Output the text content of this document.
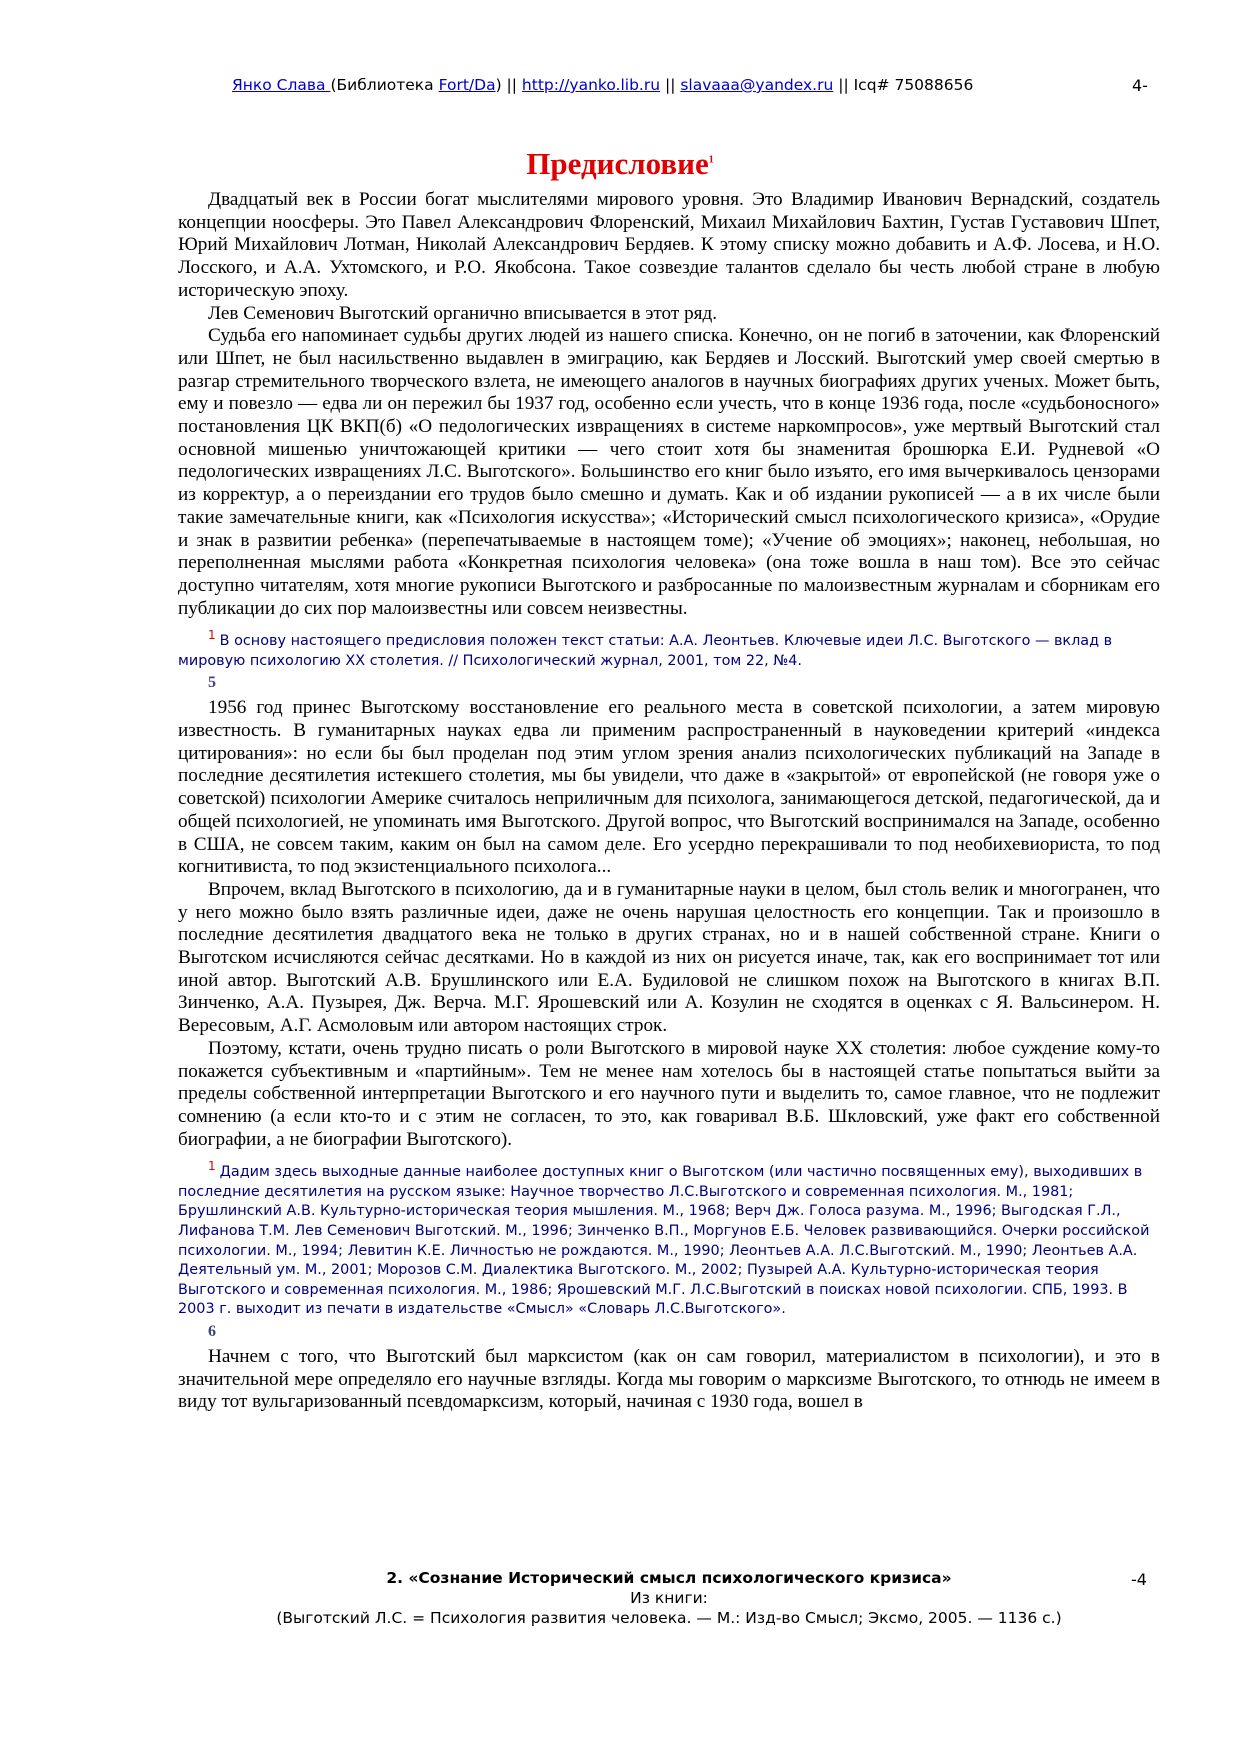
Янко Слава (Библиотека Fort/Da) || http://yanko.lib.ru || slavaaa@yandex.ru || Icq# 75088656	4-
Предисловие$^1$

Двадцатый век в России богат мыслителями мирового уровня. Это Владимир Иванович Вернадский, создатель концепции ноосферы. Это Павел Александрович Флоренский, Михаил Михайлович Бахтин, Густав Густавович Шпет, Юрий Михайлович Лотман, Николай Александрович Бердяев. К этому списку можно добавить и А.Ф. Лосева, и Н.О. Лосского, и А.А. Ухтомского, и Р.О. Якобсона. Такое созвездие талантов сделало бы честь любой стране в любую историческую эпоху.

Лев Семенович Выготский органично вписывается в этот ряд.

Судьба его напоминает судьбы других людей из нашего списка. Конечно, он не погиб в заточении, как Флоренский или Шпет, не был насильственно выдавлен в эмиграцию, как Бердяев и Лосский. Выготский умер своей смертью в разгар стремительного творческого взлета, не имеющего аналогов в научных биографиях других ученых. Может быть, ему и повезло — едва ли он пережил бы 1937 год, особенно если учесть, что в конце 1936 года, после «судьбоносного» постановления ЦК ВКП(б) «О педологических извращениях в системе наркомпросов», уже мертвый Выготский стал основной мишенью уничтожающей критики — чего стоит хотя бы знаменитая брошюрка Е.И. Рудневой «О педологических извращениях Л.С. Выготского». Большинство его книг было изъято, его имя вычеркивалось цензорами из корректур, а о переиздании его трудов было смешно и думать. Как и об издании рукописей — а в их числе были такие замечательные книги, как «Психология искусства»; «Исторический смысл психологического кризиса», «Орудие и знак в развитии ребенка» (перепечатываемые в настоящем томе); «Учение об эмоциях»; наконец, небольшая, но переполненная мыслями работа «Конкретная психология человека» (она тоже вошла в наш том). Все это сейчас доступно читателям, хотя многие рукописи Выготского и разбросанные по малоизвестным журналам и сборникам его публикации до сих пор малоизвестны или совсем неизвестны.

$^1$ В основу настоящего предисловия положен текст статьи: А.А. Леонтьев. Ключевые идеи Л.С. Выготского — вклад в мировую психологию XX столетия. // Психологический журнал, 2001, том 22, №4.
5

1956 год принес Выготскому восстановление его реального места в советской психологии, а затем мировую известность. В гуманитарных науках едва ли применим распространенный в науковедении критерий «индекса цитирования»: но если бы был проделан под этим углом зрения анализ психологических публикаций на Западе в последние десятилетия истекшего столетия, мы бы увидели, что даже в «закрытой» от европейской (не говоря уже о советской) психологии Америке считалось неприличным для психолога, занимающегося детской, педагогической, да и общей психологией, не упоминать имя Выготского. Другой вопрос, что Выготский воспринимался на Западе, особенно в США, не совсем таким, каким он был на самом деле. Его усердно перекрашивали то под необихевиориста, то под когнитивиста, то под экзистенциального психолога...

Впрочем, вклад Выготского в психологию, да и в гуманитарные науки в целом, был столь велик и многогранен, что у него можно было взять различные идеи, даже не очень нарушая целостность его концепции. Так и произошло в последние десятилетия двадцатого века не только в других странах, но и в нашей собственной стране. Книги о Выготском исчисляются сейчас десятками. Но в каждой из них он рисуется иначе, так, как его воспринимает тот или иной автор. Выготский А.В. Брушлинского или Е.А. Будиловой не слишком похож на Выготского в книгах В.П. Зинченко, А.А. Пузырея, Дж. Верча. М.Г. Ярошевский или А. Козулин не сходятся в оценках с Я. Вальсинером. Н. Вересовым, А.Г. Асмоловым или автором настоящих строк.

Поэтому, кстати, очень трудно писать о роли Выготского в мировой науке XX столетия: любое суждение кому-то покажется субъективным и «партийным». Тем не менее нам хотелось бы в настоящей статье попытаться выйти за пределы собственной интерпретации Выготского и его научного пути и выделить то, самое главное, что не подлежит сомнению (а если кто-то и с этим не согласен, то это, как говаривал В.Б. Шкловский, уже факт его собственной биографии, а не биографии Выготского).

$^1$ Дадим здесь выходные данные наиболее доступных книг о Выготском (или частично посвященных ему), выходивших в последние десятилетия на русском языке: Научное творчество Л.С.Выготского и современная психология. М., 1981; Брушлинский А.В. Культурно-историческая теория мышления. М., 1968; Верч Дж. Голоса разума. М., 1996; Выгодская Г.Л., Лифанова Т.М. Лев Семенович Выготский. М., 1996; Зинченко В.П., Моргунов Е.Б. Человек развивающийся. Очерки российской психологии. М., 1994; Левитин К.Е. Личностью не рождаются. М., 1990; Леонтьев А.А. Л.С.Выготский. М., 1990; Леонтьев А.А. Деятельный ум. М., 2001; Морозов С.М. Диалектика Выготского. М., 2002; Пузырей А.А. Культурно-историческая теория Выготского и современная психология. М., 1986; Ярошевский М.Г. Л.С.Выготский в поисках новой психологии. СПБ, 1993. В 2003 г. выходит из печати в издательстве «Смысл» «Словарь Л.С.Выготского».
6

Начнем с того, что Выготский был марксистом (как он сам говорил, материалистом в психологии), и это в значительной мере определяло его научные взгляды. Когда мы говорим о марксизме Выготского, то отнюдь не имеем в виду тот вульгаризованный псевдомарксизм, который, начиная с 1930 года, вошел в

2. «Сознание Исторический смысл психологического кризиса»
Из книги:
(Выготский Л.С. = Психология развития человека. — М.: Изд-во Смысл; Эксмо, 2005. — 1136 с.)
-4
